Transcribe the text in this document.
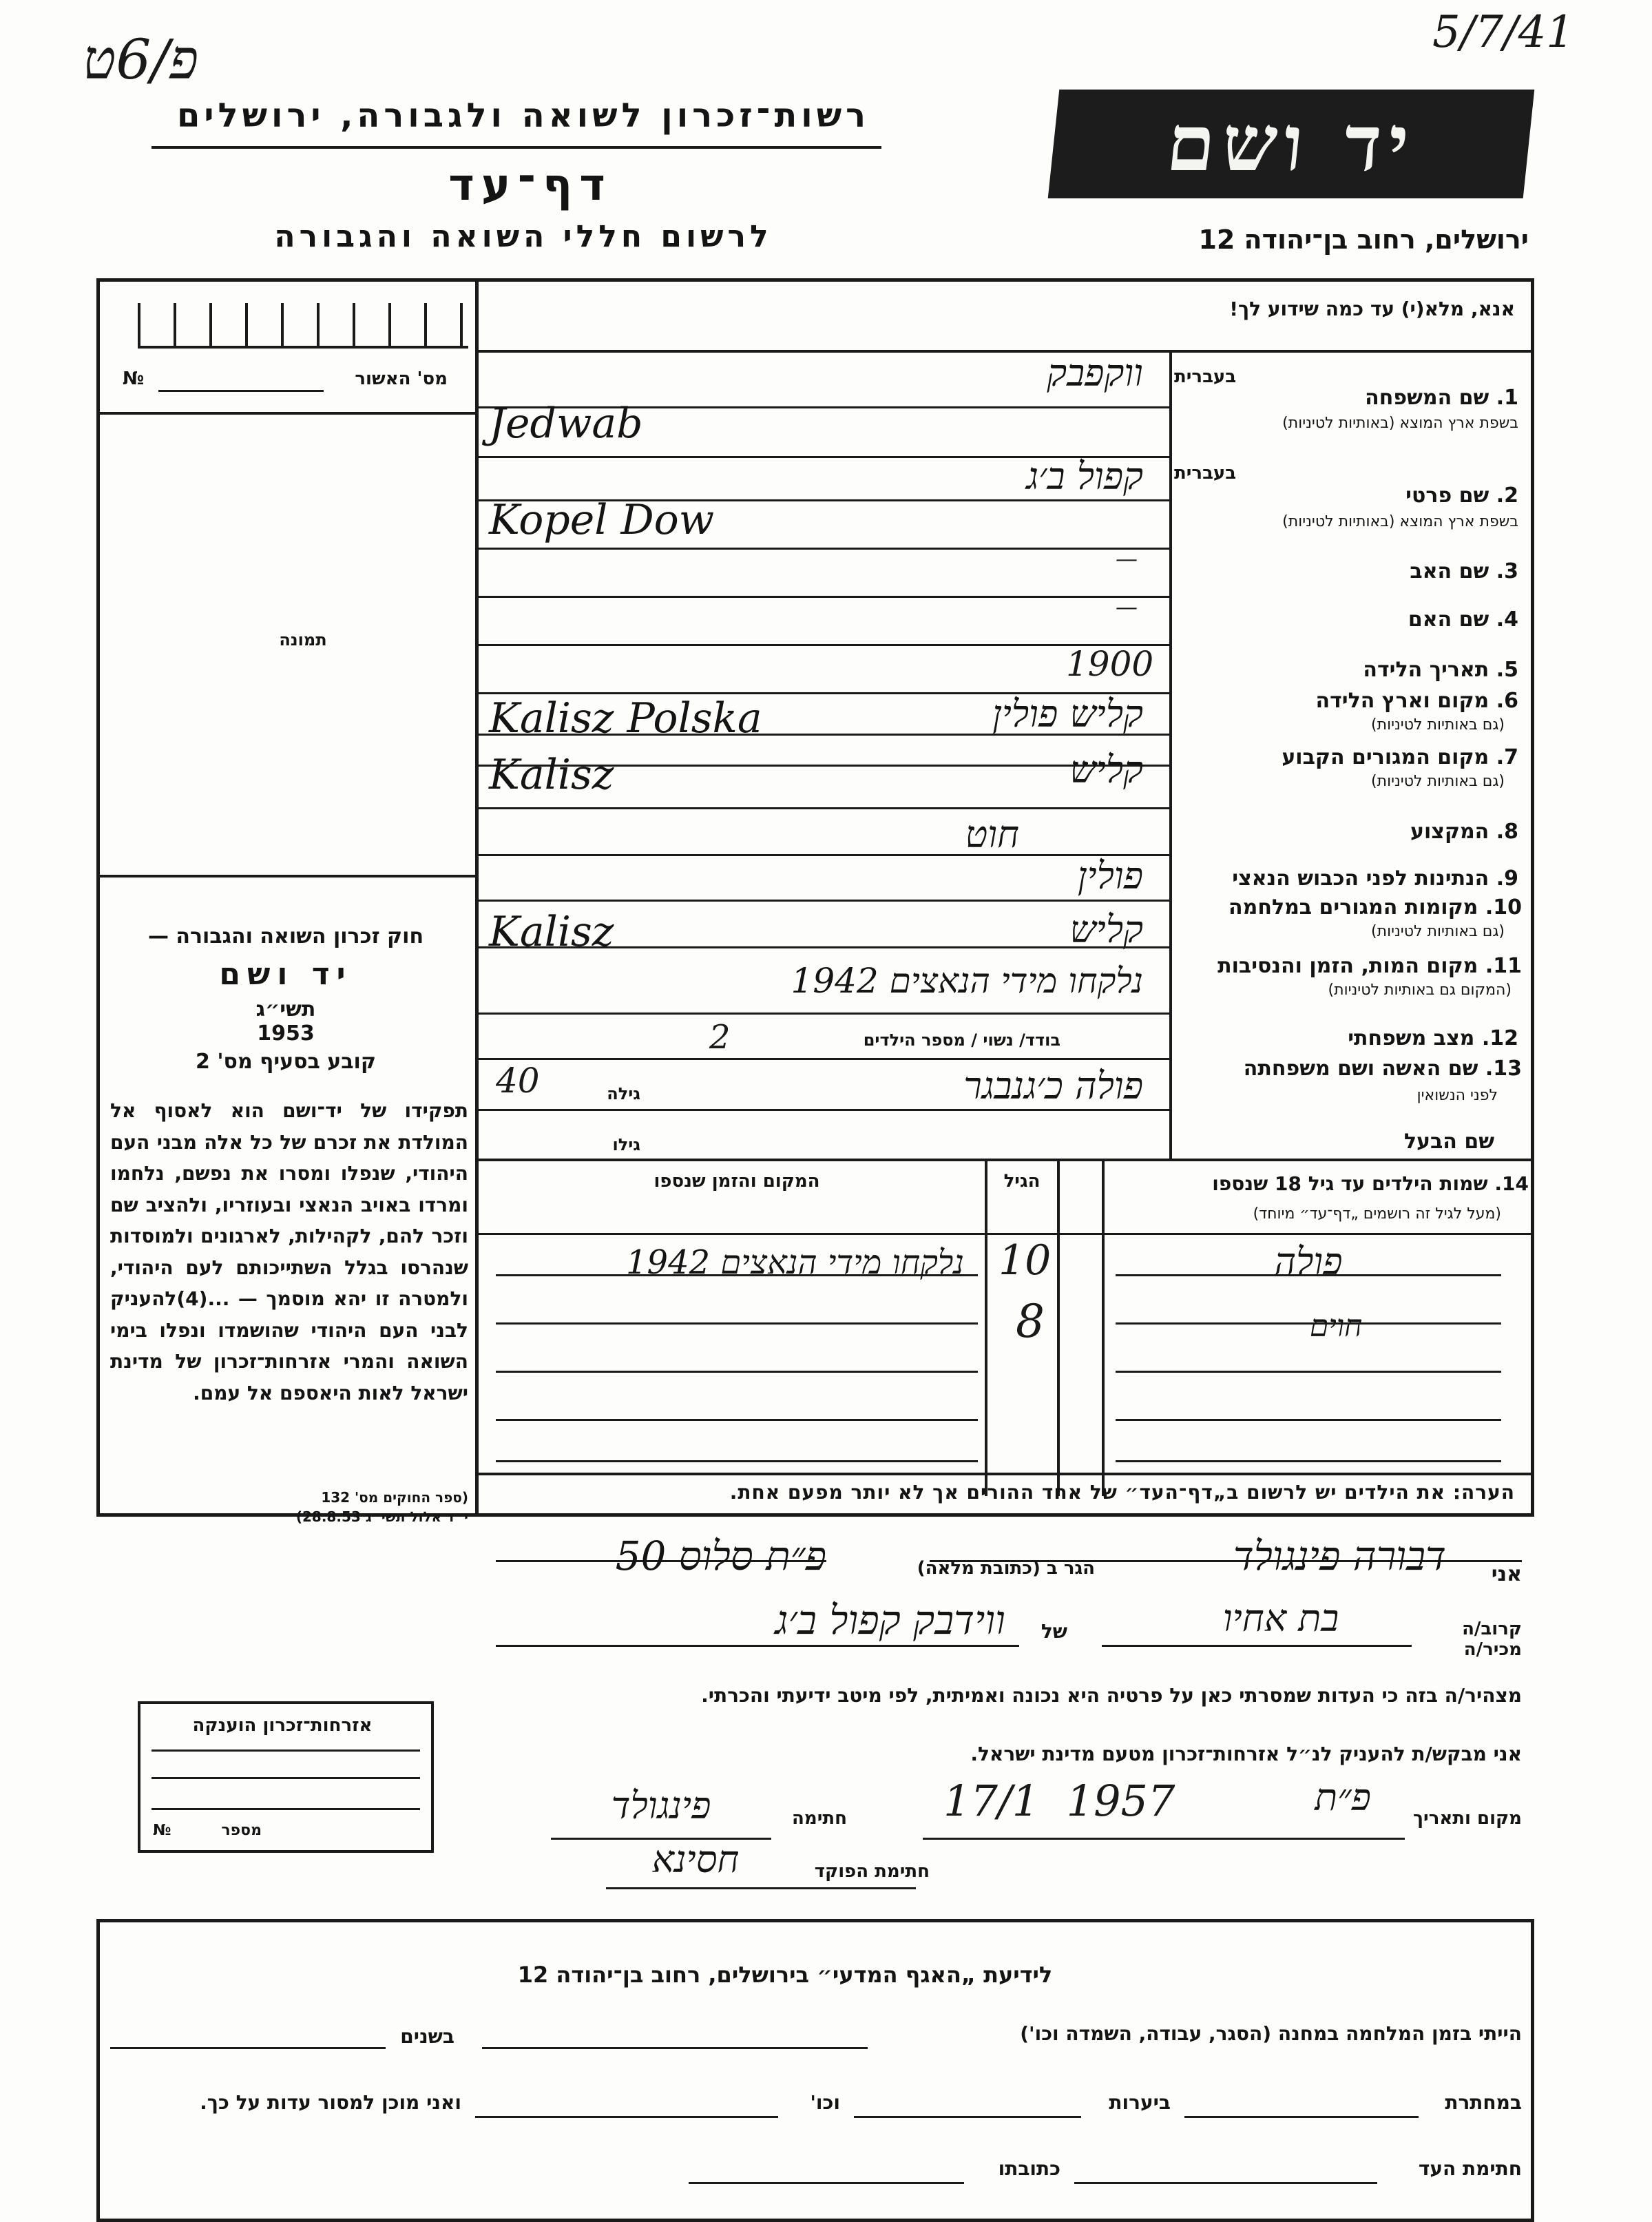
פ/6ט	5/7/41
רשות־זכרון לשואה ולגבורה, ירושלים
דף־עד
לרשום חללי השואה והגבורה
יד ושם
ירושלים, רחוב בן־יהודה 12
מס' האשור
№
תמונה

חוק זכרון השואה והגבורה —

יד ושם

תשי״ג

1953

קובע בסעיף מס' 2

תפקידו של יד־ושם הוא לאסוף אל המולדת את זכרם של כל אלה מבני העם היהודי, שנפלו ומסרו את נפשם, נלחמו ומרדו באויב הנאצי ובעוזריו, ולהציב שם וזכר להם, לקהילות, לארגונים ולמוסדות שנהרסו בגלל השתייכותם לעם היהודי, ולמטרה זו יהא מוסמך — ...(4)להעניק לבני העם היהודי שהושמדו ונפלו בימי השואה והמרי אזרחות־זכרון של מדינת ישראל לאות היאספם אל עמם.
(ספר החוקים מס' 132
י״ד אלול תשי״ג 28.8.53)
אנא, מלא(י) עד כמה שידוע לך!
1. שם המשפחה
בשפת ארץ המוצא (באותיות לטיניות)
בעברית
2. שם פרטי
בשפת ארץ המוצא (באותיות לטיניות)
בעברית
3. שם האב
4. שם האם
5. תאריך הלידה
6. מקום וארץ הלידה
(גם באותיות לטיניות)
7. מקום המגורים הקבוע
(גם באותיות לטיניות)
8. המקצוע
9. הנתינות לפני הכבוש הנאצי
10. מקומות המגורים במלחמה
(גם באותיות לטיניות)
11. מקום המות, הזמן והנסיבות
(המקום גם באותיות לטיניות)
12. מצב משפחתי
13. שם האשה ושם משפחתה
לפני הנשואין
שם הבעל
ווקפבק
Jedwab
קפול ב׳ג
Kopel Dow
—
—
1900
קליש פולין
Kalisz Polska
קליש
Kalisz
חוט
פולין
קליש
Kalisz
נלקחו מידי הנאצים 1942
בודד/ נשוי / מספר הילדים
2
פולה כ׳גנבגר
גילה
40
גילו
14. שמות הילדים עד גיל 18 שנספו
(מעל לגיל זה רושמים „דף־עד״ מיוחד)
הגיל
המקום והזמן שנספו
פולה
10
נלקחו מידי הנאצים 1942
חוים
8
הערה: את הילדים יש לרשום ב„דף־העד״ של אחד ההורים אך לא יותר מפעם אחת.
אזרחות־זכרון הוענקה
מספר
№
אני
דבורה פינגולד
הגר ב (כתובת מלאה)
פ״ת סלוס 50
קרוב/ה מכיר/ה
בת אחיו
של
ווידבק קפול ב׳ג
מצהיר/ה בזה כי העדות שמסרתי כאן על פרטיה היא נכונה ואמיתית, לפי מיטב ידיעתי והכרתי.
אני מבקש/ת להעניק לנ״ל אזרחות־זכרון מטעם מדינת ישראל.
מקום ותאריך
פ״ת
17/1  1957
חתימה
פינגולד
חתימת הפוקד
חסינא
לידיעת „האגף המדעי״ בירושלים, רחוב בן־יהודה 12
הייתי בזמן המלחמה במחנה (הסגר, עבודה, השמדה וכו')
בשנים
במחתרת
ביערות
וכו'
ואני מוכן למסור עדות על כך.
חתימת העד
כתובתו
